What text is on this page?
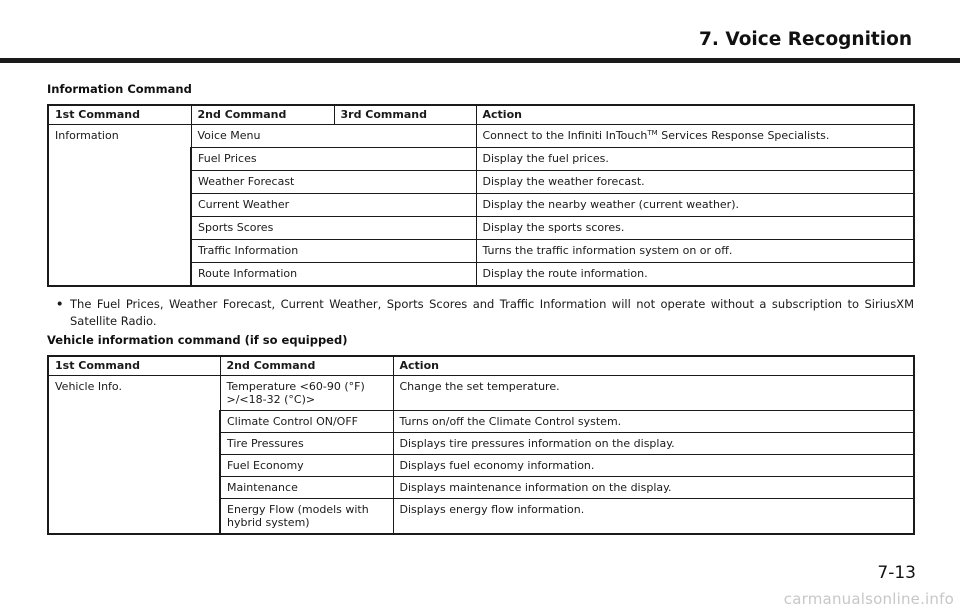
7. Voice Recognition
Information Command
1st Command	2nd Command	3rd Command	Action
Information	Voice Menu		Connect to the Infiniti InTouch™ Services Response Specialists.
	Fuel Prices		Display the fuel prices.
	Weather Forecast		Display the weather forecast.
	Current Weather		Display the nearby weather (current weather).
	Sports Scores		Display the sports scores.
	Traffic Information		Turns the traffic information system on or off.
	Route Information		Display the route information.

• The Fuel Prices, Weather Forecast, Current Weather, Sports Scores and Traffic Information will not operate without a subscription to SiriusXM Satellite Radio.

Vehicle information command (if so equipped)
1st Command	2nd Command	Action
Vehicle Info.	Temperature <60-90 (°F) >/<18-32 (°C)>	Change the set temperature.
	Climate Control ON/OFF	Turns on/off the Climate Control system.
	Tire Pressures	Displays tire pressures information on the display.
	Fuel Economy	Displays fuel economy information.
	Maintenance	Displays maintenance information on the display.
	Energy Flow (models with hybrid system)	Displays energy flow information.

7-13

carmanualsonline.info
